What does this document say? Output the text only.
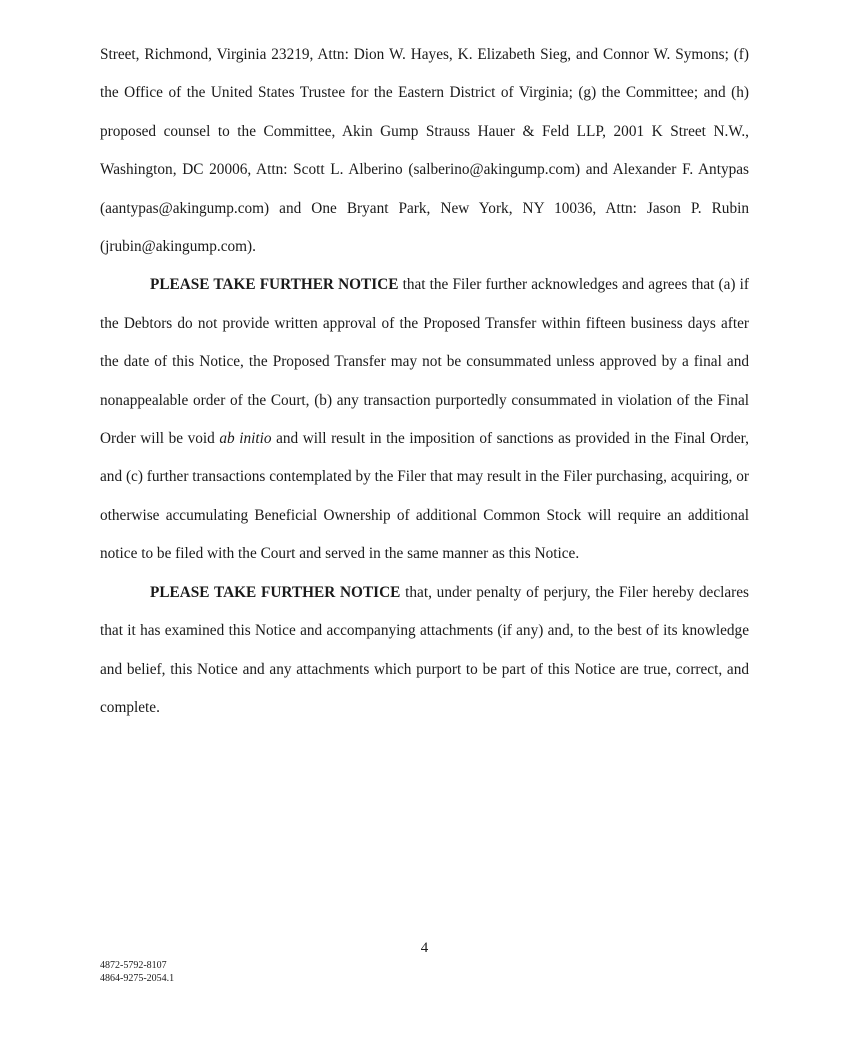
Street, Richmond, Virginia 23219, Attn: Dion W. Hayes, K. Elizabeth Sieg, and Connor W. Symons; (f) the Office of the United States Trustee for the Eastern District of Virginia; (g) the Committee; and (h) proposed counsel to the Committee, Akin Gump Strauss Hauer & Feld LLP, 2001 K Street N.W., Washington, DC 20006, Attn: Scott L. Alberino (salberino@akingump.com) and Alexander F. Antypas (aantypas@akingump.com) and One Bryant Park, New York, NY 10036, Attn: Jason P. Rubin (jrubin@akingump.com).

PLEASE TAKE FURTHER NOTICE that the Filer further acknowledges and agrees that (a) if the Debtors do not provide written approval of the Proposed Transfer within fifteen business days after the date of this Notice, the Proposed Transfer may not be consummated unless approved by a final and nonappealable order of the Court, (b) any transaction purportedly consummated in violation of the Final Order will be void ab initio and will result in the imposition of sanctions as provided in the Final Order, and (c) further transactions contemplated by the Filer that may result in the Filer purchasing, acquiring, or otherwise accumulating Beneficial Ownership of additional Common Stock will require an additional notice to be filed with the Court and served in the same manner as this Notice.

PLEASE TAKE FURTHER NOTICE that, under penalty of perjury, the Filer hereby declares that it has examined this Notice and accompanying attachments (if any) and, to the best of its knowledge and belief, this Notice and any attachments which purport to be part of this Notice are true, correct, and complete.

4
4872-5792-8107
4864-9275-2054.1
